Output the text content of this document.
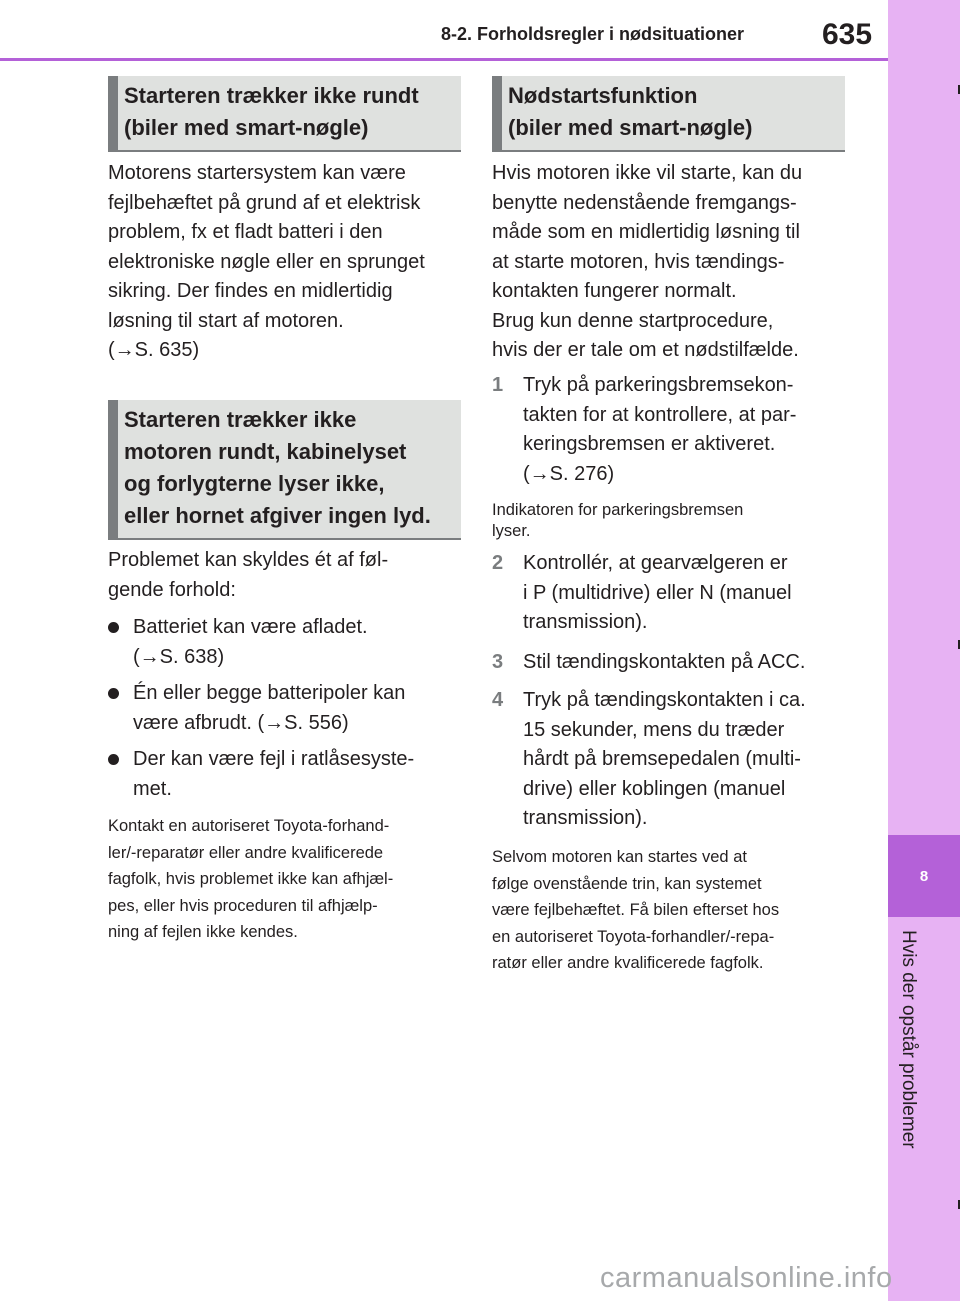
8
Hvis der opstår problemer
8-2. Forholdsregler i nødsituationer	635
Starteren trækker ikke rundt
(biler med smart-nøgle)
Motorens startersystem kan være
fejlbehæftet på grund af et elektrisk
problem, fx et fladt batteri i den
elektroniske nøgle eller en sprunget
sikring. Der findes en midlertidig
løsning til start af motoren.
(→S. 635)
Starteren trækker ikke
motoren rundt, kabinelyset
og forlygterne lyser ikke,
eller hornet afgiver ingen lyd.
Problemet kan skyldes ét af føl-
gende forhold:
Batteriet kan være afladet.
(→S. 638)
Én eller begge batteripoler kan
være afbrudt. (→S. 556)
Der kan være fejl i ratlåsesyste-
met.
Kontakt en autoriseret Toyota-forhand-
ler/-reparatør eller andre kvalificerede
fagfolk, hvis problemet ikke kan afhjæl-
pes, eller hvis proceduren til afhjælp-
ning af fejlen ikke kendes.
Nødstartsfunktion
(biler med smart-nøgle)
Hvis motoren ikke vil starte, kan du
benytte nedenstående fremgangs-
måde som en midlertidig løsning til
at starte motoren, hvis tændings-
kontakten fungerer normalt.
Brug kun denne startprocedure,
hvis der er tale om et nødstilfælde.
1 Tryk på parkeringsbremsekon-
takten for at kontrollere, at par-
keringsbremsen er aktiveret.
(→S. 276)
Indikatoren for parkeringsbremsen
lyser.
2 Kontrollér, at gearvælgeren er
i P (multidrive) eller N (manuel
transmission).
3 Stil tændingskontakten på ACC.
4 Tryk på tændingskontakten i ca.
15 sekunder, mens du træder
hårdt på bremsepedalen (multi-
drive) eller koblingen (manuel
transmission).
Selvom motoren kan startes ved at
følge ovenstående trin, kan systemet
være fejlbehæftet. Få bilen efterset hos
en autoriseret Toyota-forhandler/-repa-
ratør eller andre kvalificerede fagfolk.
carmanualsonline.info
